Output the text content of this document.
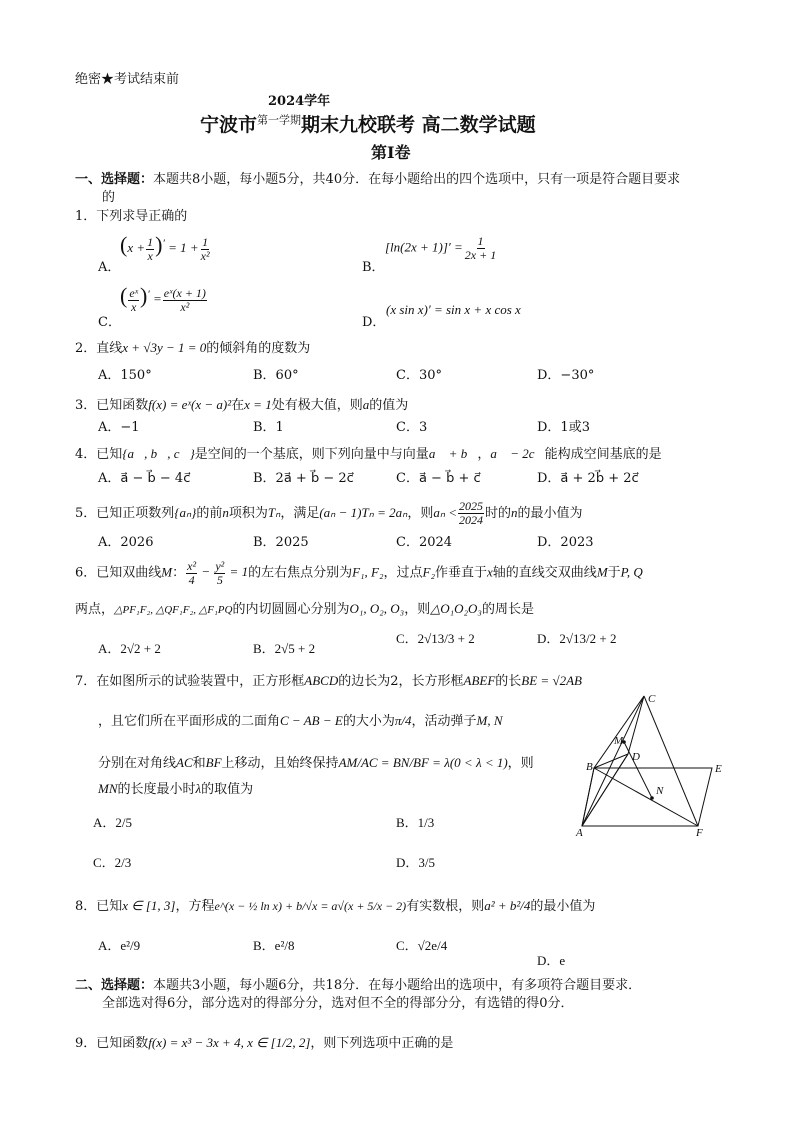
绝密★考试结束前
2024学年
宁波市$^{第一学期}$期末九校联考 高二数学试题
第Ⅰ卷
一、选择题：本题共8小题，每小题5分，共40分．在每小题给出的四个选项中，只有一项是符合题目要求
的
1．下列求导正确的
A．
$(x + \frac{1}{x} )' = 1 + \frac{1}{\text{x²}}$
B．
$[\ln(2x + 1)]' = \frac{1}{2x + 1}$
C．
( $\frac{\text{eˣ}}{x} )' = \frac{\text{eˣ(x + 1)}}{\text{x²}}$
D．
(x sin x)′ = sin x + x cos x
2．直线x + √3y − 1 = 0的倾斜角的度数为
A．150°	B．60°	C．30°	D．−30°
3．已知函数f(x) = eˣ(x − a)²在x = 1处有极大值，则a的值为
A．−1	B．1	C．3	D．1或3
4．已知{a⃗, b⃗, c⃗}是空间的一个基底，则下列向量中与向量a⃗ + b⃗，a⃗ − 2c⃗能构成空间基底的是
A．a⃗ − b⃗ − 4c⃗	B．2a⃗ + b⃗ − 2c⃗	C．a⃗ − b⃗ + c⃗	D．a⃗ + 2b⃗ + 2c⃗
5．已知正项数列{aₙ}的前n项积为Tₙ，满足(aₙ − 1)Tₙ = 2aₙ，则$a_n < \frac{2025}{2024}$ 时的n的最小值为
A．2026	B．2025	C．2024	D．2023
6．已知双曲线M： $\frac{\text{x²}}{4} - \frac{\text{y²}}{5} = 1$的左右焦点分别为F₁, F₂，过点F₂作垂直于x轴的直线交双曲线M于P, Q
两点，△PF₁F₂, △QF₁F₂, △F₁PQ的内切圆圆心分别为O₁, O₂, O₃，则△O₁O₂O₃的周长是
A．2√2 + 2	B．2√5 + 2
C．2√13/3 + 2	D．2√13/2 + 2
7．在如图所示的试验装置中，正方形框ABCD的边长为2，长方形框ABEF的长BE = √2AB
，且它们所在平面形成的二面角C − AB − E的大小为π/4，活动弹子M, N
分别在对角线AC和BF上移动，且始终保持AM/AC = BN/BF = λ(0 < λ < 1)，则
MN的长度最小时λ的取值为
A．2/5	B．1/3
C．2/3	D．3/5
C
M
D
B	E
N
A	F
8．已知x ∈ [1, 3]，方程e^(x − ½ ln x) + b/√x = a√(x + 5/x − 2)有实数根，则a² + b²/4的最小值为
A．e²/9	B．e²/8	C．√2e/4
D．e
二、选择题：本题共3小题，每小题6分，共18分．在每小题给出的选项中，有多项符合题目要求．
全部选对得6分，部分选对的得部分分，选对但不全的得部分分，有选错的得0分．
9．已知函数f(x) = x³ − 3x + 4, x ∈ [1/2, 2]，则下列选项中正确的是
